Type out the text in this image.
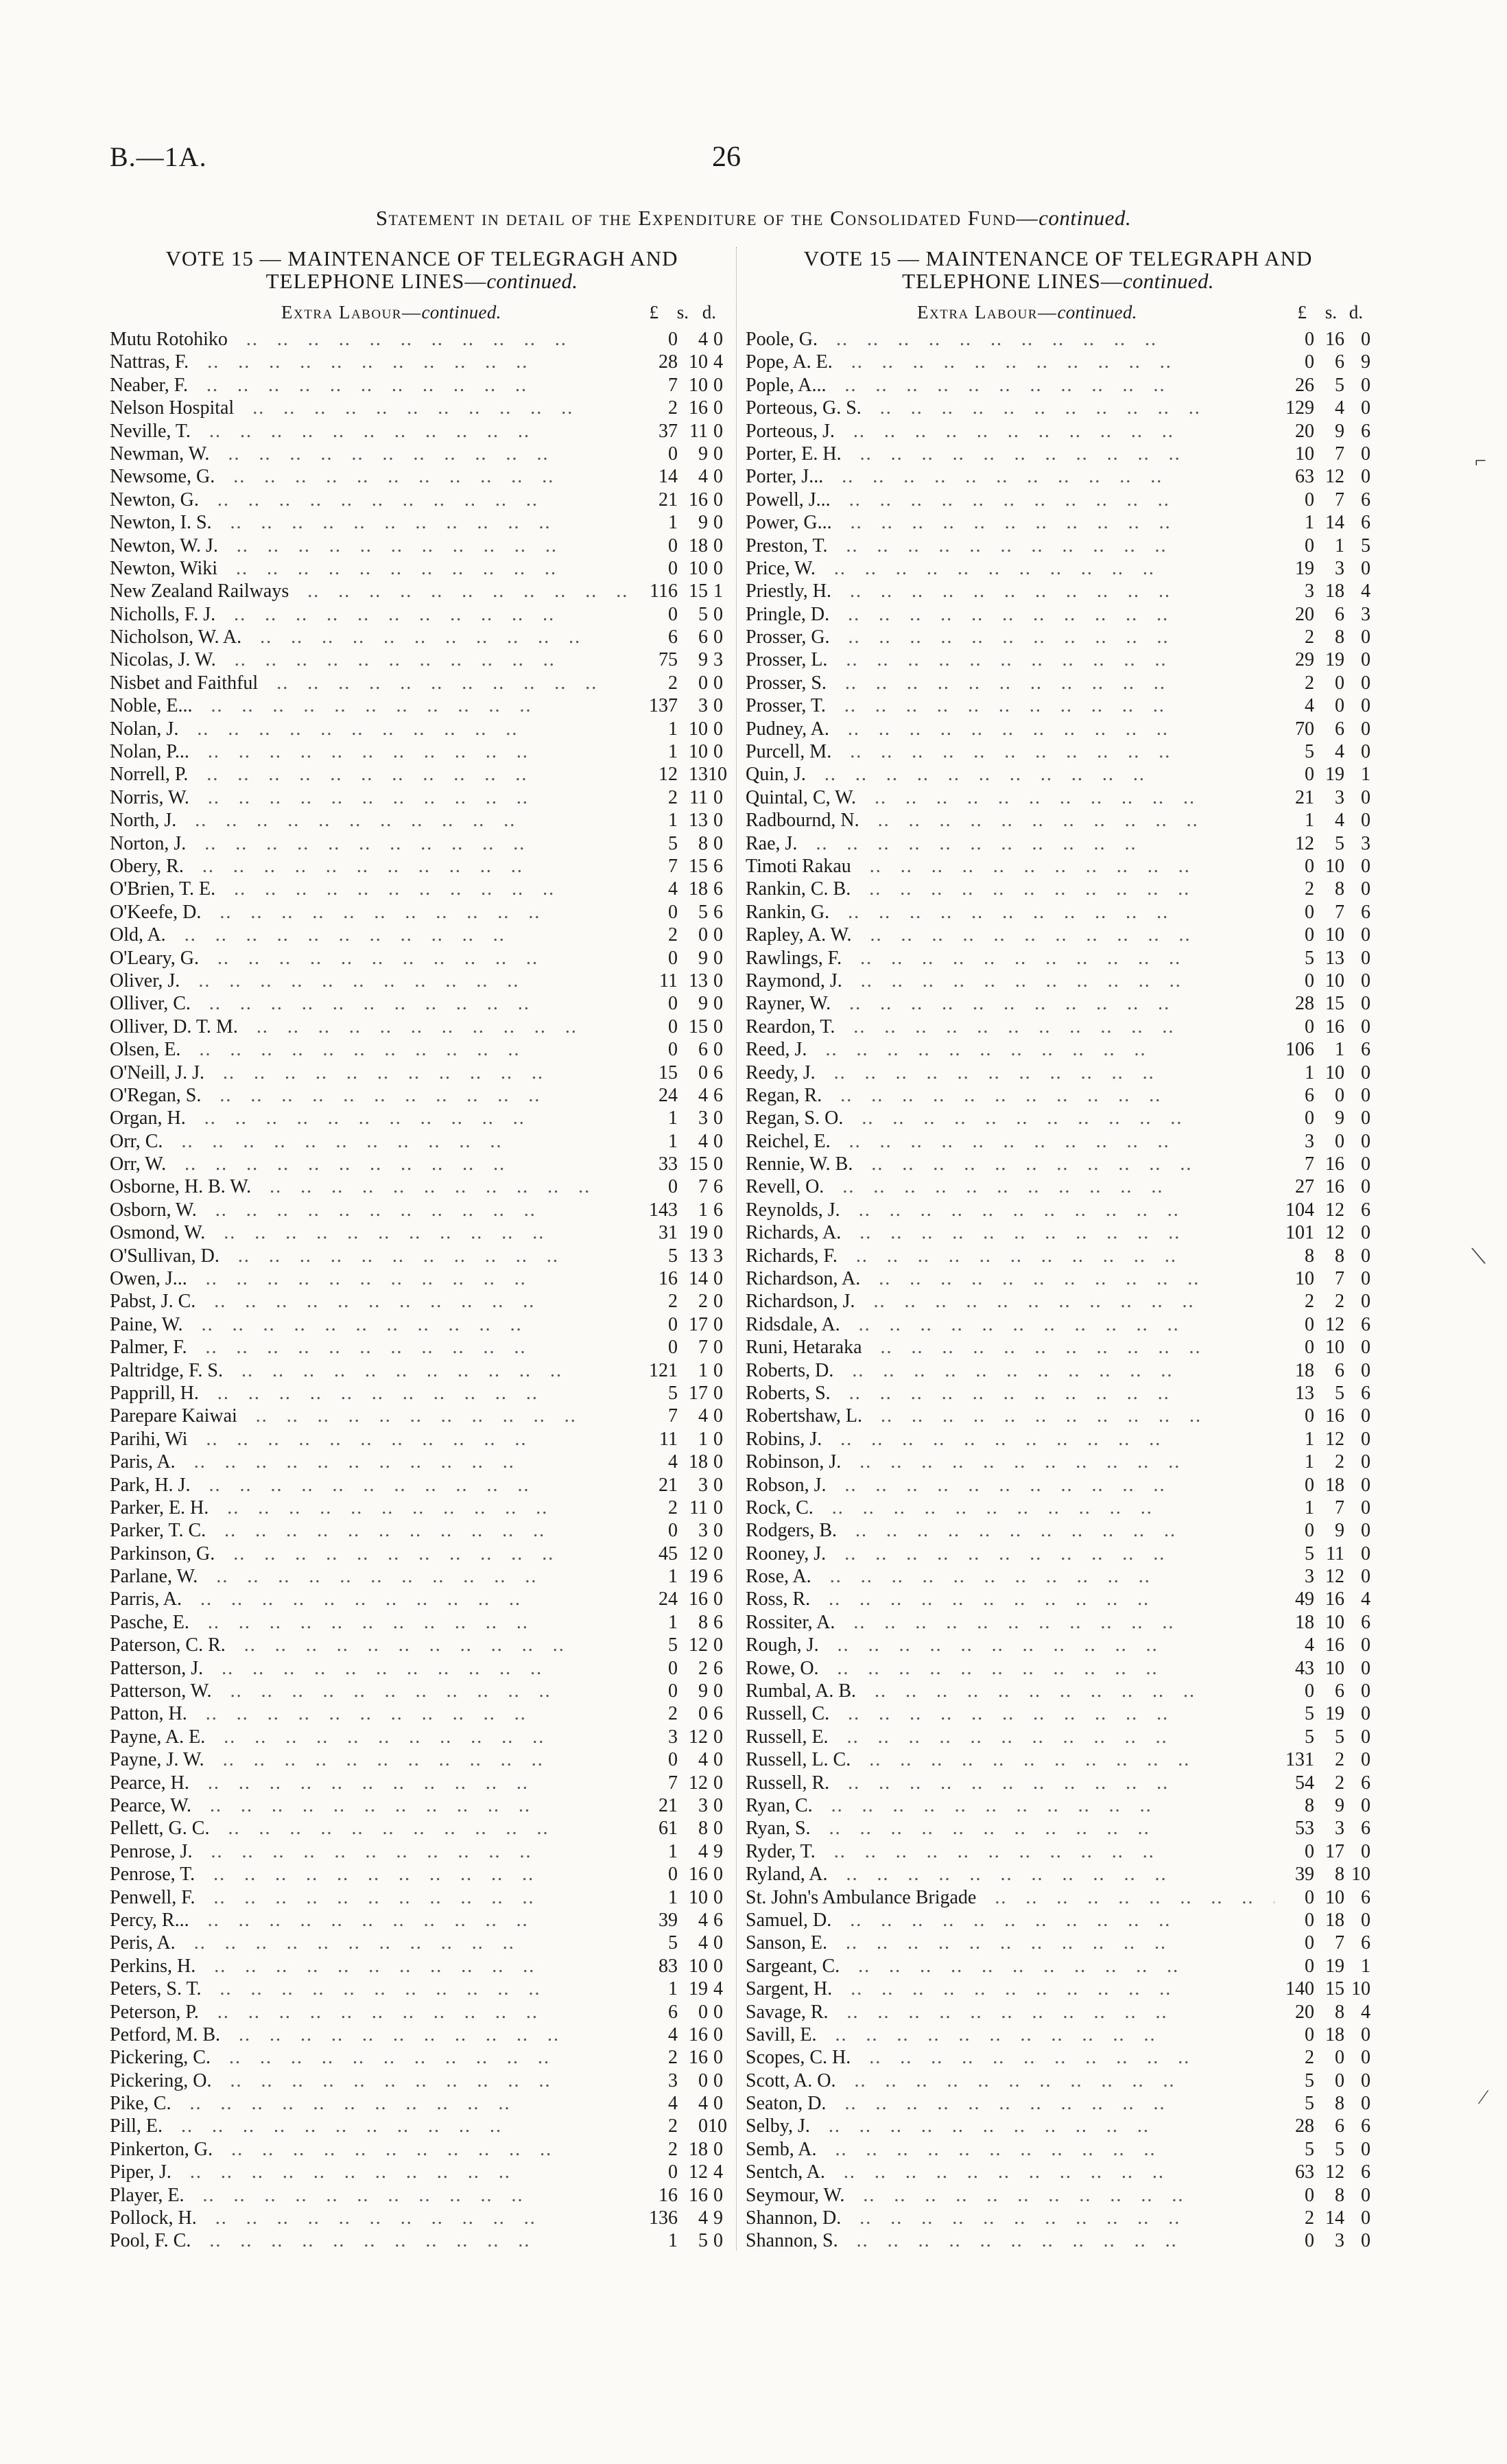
B.—1A.	26
Statement in detail of the Expenditure of the Consolidated Fund—continued.
VOTE 15 — MAINTENANCE OF TELEGRAGH AND
TELEPHONE LINES—continued.
Extra Labour—continued.	£ s. d.
Mutu Rotohiko ..	0	4 0
Nattras, F. ..	28 10 4
Neaber, F. ..	7 10 0
Nelson Hospital ..	2 16 0
Neville, T. ..	37 11 0
Newman, W. ..	0	9 0
Newsome, G. ..	14	4 0
Newton, G. ..	21 16 0
Newton, I. S. ..	1	9 0
Newton, W. J. ..	0 18 0
Newton, Wiki ..	0 10 0
New Zealand Railways ..	116 15 1
Nicholls, F. J. ..	0	5 0
Nicholson, W. A. ..	6	6 0
Nicolas, J. W. ..	75	9 3
Nisbet and Faithful ..	2	0 0
Noble, E... ..	137	3 0
Nolan, J. ..	1 10 0
Nolan, P... ..	1 10 0
Norrell, P. ..	12 13 10
Norris, W. ..	2 11 0
North, J. ..	1 13 0
Norton, J. ..	5	8 0
Obery, R. ..	7 15 6
O'Brien, T. E. ..	4 18 6
O'Keefe, D. ..	0	5 6
Old, A. ..	2	0 0
O'Leary, G. ..	0	9 0
Oliver, J. ..	11 13 0
Olliver, C. ..	0	9 0
Olliver, D. T. M. ..	0 15 0
Olsen, E. ..	0	6 0
O'Neill, J. J. ..	15	0 6
O'Regan, S. ..	24	4 6
Organ, H. ..	1	3 0
Orr, C. ..	1	4 0
Orr, W. ..	33 15 0
Osborne, H. B. W. ..	0	7 6
Osborn, W. ..	143	1 6
Osmond, W. ..	31 19 0
O'Sullivan, D. ..	5 13 3
Owen, J... ..	16 14 0
Pabst, J. C. ..	2	2 0
Paine, W. ..	0 17 0
Palmer, F. ..	0	7 0
Paltridge, F. S. ..	121	1 0
Papprill, H. ..	5 17 0
Parepare Kaiwai ..	7	4 0
Parihi, Wi ..	11	1 0
Paris, A. ..	4 18 0
Park, H. J. ..	21	3 0
Parker, E. H. ..	2 11 0
Parker, T. C. ..	0	3 0
Parkinson, G. ..	45 12 0
Parlane, W. ..	1 19 6
Parris, A. ..	24 16 0
Pasche, E. ..	1	8 6
Paterson, C. R. ..	5 12 0
Patterson, J. ..	0	2 6
Patterson, W. ..	0	9 0
Patton, H. ..	2	0 6
Payne, A. E. ..	3 12 0
Payne, J. W. ..	0	4 0
Pearce, H. ..	7 12 0
Pearce, W. ..	21	3 0
Pellett, G. C. ..	61	8 0
Penrose, J. ..	1	4 9
Penrose, T. ..	0 16 0
Penwell, F. ..	1 10 0
Percy, R... ..	39	4 6
Peris, A. ..	5	4 0
Perkins, H. ..	83 10 0
Peters, S. T. ..	1 19 4
Peterson, P. ..	6	0 0
Petford, M. B. ..	4 16 0
Pickering, C. ..	2 16 0
Pickering, O. ..	3	0 0
Pike, C. ..	4	4 0
Pill, E. ..	2	0 10
Pinkerton, G. ..	2 18 0
Piper, J. ..	0 12 4
Player, E. ..	16 16 0
Pollock, H. ..	136	4 9
Pool, F. C. ..	1	5 0
VOTE 15 — MAINTENANCE OF TELEGRAPH AND
TELEPHONE LINES—continued.
Extra Labour—continued.	£ s. d.
Poole, G. ..	0 16 0
Pope, A. E. ..	0	6 9
Pople, A... ..	26	5 0
Porteous, G. S. ..	129	4 0
Porteous, J. ..	20	9 6
Porter, E. H. ..	10	7 0
Porter, J... ..	63 12 0
Powell, J... ..	0	7 6
Power, G... ..	1 14 6
Preston, T. ..	0	1 5
Price, W. ..	19	3 0
Priestly, H. ..	3 18 4
Pringle, D. ..	20	6 3
Prosser, G. ..	2	8 0
Prosser, L. ..	29 19 0
Prosser, S. ..	2	0 0
Prosser, T. ..	4	0 0
Pudney, A. ..	70	6 0
Purcell, M. ..	5	4 0
Quin, J. ..	0 19 1
Quintal, C, W. ..	21	3 0
Radbournd, N. ..	1	4 0
Rae, J. ..	12	5 3
Timoti Rakau ..	0 10 0
Rankin, C. B. ..	2	8 0
Rankin, G. ..	0	7 6
Rapley, A. W. ..	0 10 0
Rawlings, F. ..	5 13 0
Raymond, J. ..	0 10 0
Rayner, W. ..	28 15 0
Reardon, T. ..	0 16 0
Reed, J. ..	106	1 6
Reedy, J. ..	1 10 0
Regan, R. ..	6	0 0
Regan, S. O. ..	0	9 0
Reichel, E. ..	3	0 0
Rennie, W. B. ..	7 16 0
Revell, O. ..	27 16 0
Reynolds, J. ..	104 12 6
Richards, A. ..	101 12 0
Richards, F. ..	8	8 0
Richardson, A. ..	10	7 0
Richardson, J. ..	2	2 0
Ridsdale, A. ..	0 12 6
Runi, Hetaraka ..	0 10 0
Roberts, D. ..	18	6 0
Roberts, S. ..	13	5 6
Robertshaw, L. ..	0 16 0
Robins, J. ..	1 12 0
Robinson, J. ..	1	2 0
Robson, J. ..	0 18 0
Rock, C. ..	1	7 0
Rodgers, B. ..	0	9 0
Rooney, J. ..	5 11 0
Rose, A. ..	3 12 0
Ross, R. ..	49 16 4
Rossiter, A. ..	18 10 6
Rough, J. ..	4 16 0
Rowe, O. ..	43 10 0
Rumbal, A. B. ..	0	6 0
Russell, C. ..	5 19 0
Russell, E. ..	5	5 0
Russell, L. C. ..	131	2 0
Russell, R. ..	54	2 6
Ryan, C. ..	8	9 0
Ryan, S. ..	53	3 6
Ryder, T. ..	0 17 0
Ryland, A. ..	39	8 10
St. John's Ambulance Brigade ..	0 10 6
Samuel, D. ..	0 18 0
Sanson, E. ..	0	7 6
Sargeant, C. ..	0 19 1
Sargent, H. ..	140 15 10
Savage, R. ..	20	8 4
Savill, E. ..	0 18 0
Scopes, C. H. ..	2	0 0
Scott, A. O. ..	5	0 0
Seaton, D. ..	5	8 0
Selby, J. ..	28	6 6
Semb, A. ..	5	5 0
Sentch, A. ..	63 12 6
Seymour, W. ..	0	8 0
Shannon, D. ..	2 14 0
Shannon, S. ..	0	3 0
⌐
⟍
∕
